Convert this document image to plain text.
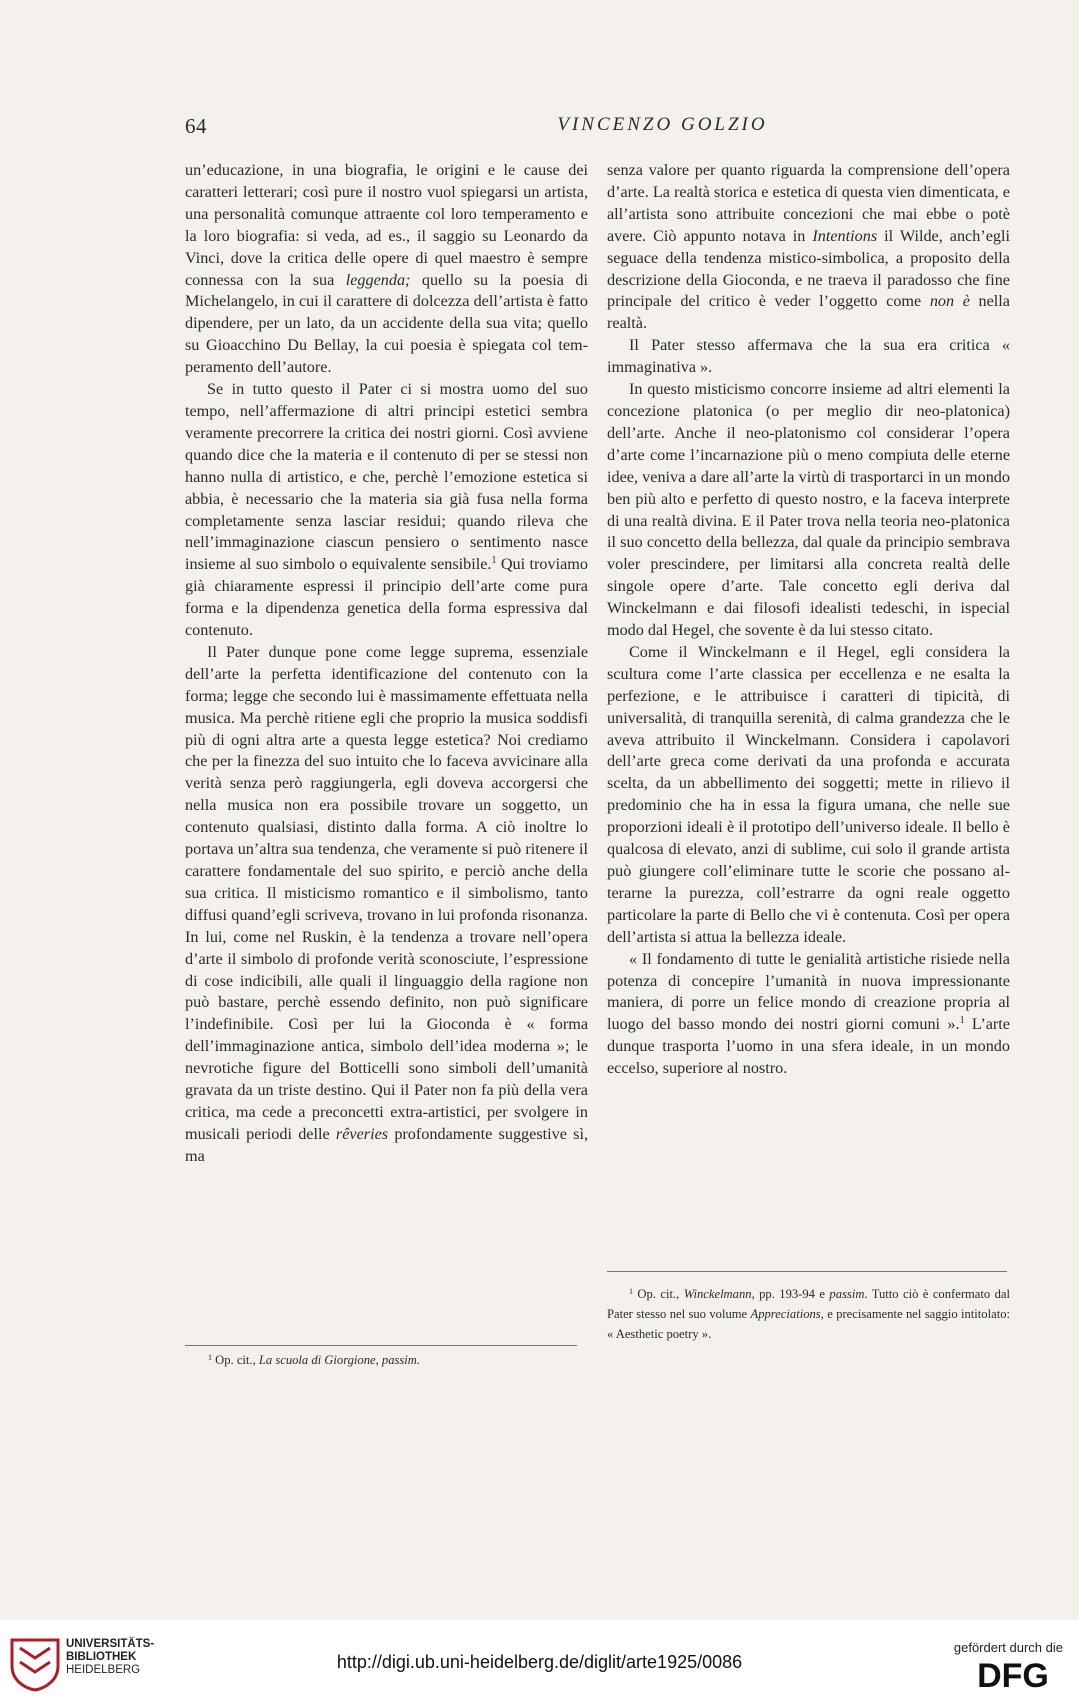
64	VINCENZO GOLZIO

un’educazione, in una biografia, le origini e le cause dei caratteri letterari; così pure il nostro vuol spiegarsi un artista, una personalità comunque attraente col loro temperamento e la loro biografia: si veda, ad es., il saggio su Leonardo da Vinci, dove la critica delle opere di quel maestro è sempre connessa con la sua leggenda; quello su la poesia di Michelangelo, in cui il carattere di dolcezza dell’artista è fatto dipendere, per un lato, da un accidente della sua vita; quello su Gioacchino Du Bellay, la cui poesia è spiegata col temperamento dell’autore.

Se in tutto questo il Pater ci si mostra uomo del suo tempo, nell’affermazione di altri principi estetici sembra veramente precorrere la critica dei nostri giorni. Così avviene quando dice che la materia e il contenuto di per se stessi non hanno nulla di artistico, e che, perchè l’emozione estetica si abbia, è necessario che la materia sia già fusa nella forma completamente senza lasciar residui; quando rileva che nell’immaginazione ciascun pensiero o sentimento nasce insieme al suo simbolo o equivalente sensibile.$^1$ Qui troviamo già chiaramente espressi il principio dell’arte come pura forma e la dipendenza genetica della forma espressiva dal contenuto.

Il Pater dunque pone come legge suprema, essenziale dell’arte la perfetta identificazione del contenuto con la forma; legge che secondo lui è massimamente effettuata nella musica. Ma perchè ritiene egli che proprio la musica soddisfi più di ogni altra arte a questa legge estetica? Noi crediamo che per la finezza del suo intuito che lo faceva avvicinare alla verità senza però raggiungerla, egli doveva accorgersi che nella musica non era possibile trovare un soggetto, un contenuto qualsiasi, distinto dalla forma. A ciò inoltre lo portava un’altra sua tendenza, che veramente si può ritenere il carattere fondamentale del suo spirito, e perciò anche della sua critica. Il misticismo romantico e il simbolismo, tanto diffusi quand’egli scriveva, trovano in lui profonda risonanza. In lui, come nel Ruskin, è la tendenza a trovare nell’opera d’arte il simbolo di profonde verità sconosciute, l’espressione di cose indicibili, alle quali il linguaggio della ragione non può bastare, perchè essendo definito, non può significare l’indefinibile. Così per lui la Gioconda è « forma dell’immaginazione antica, simbolo dell’idea moderna »; le nevrotiche figure del Botticelli sono simboli dell’umanità gravata da un triste destino. Qui il Pater non fa più della vera critica, ma cede a preconcetti extra-artistici, per svolgere in musicali periodi delle rêveries profondamente suggestive sì, ma

senza valore per quanto riguarda la comprensione dell’opera d’arte. La realtà storica e estetica di questa vien dimenticata, e all’artista sono attribuite concezioni che mai ebbe o potè avere. Ciò appunto notava in Intentions il Wilde, anch’egli seguace della tendenza mistico-simbolica, a proposito della descrizione della Gioconda, e ne traeva il paradosso che fine principale del critico è veder l’oggetto come non è nella realtà.

Il Pater stesso affermava che la sua era critica « immaginativa ».

In questo misticismo concorre insieme ad altri elementi la concezione platonica (o per meglio dir neo-platonica) dell’arte. Anche il neo-platonismo col considerar l’opera d’arte come l’incarnazione più o meno compiuta delle eterne idee, veniva a dare all’arte la virtù di trasportarci in un mondo ben più alto e perfetto di questo nostro, e la faceva interprete di una realtà divina. E il Pater trova nella teoria neo-platonica il suo concetto della bellezza, dal quale da principio sembrava voler prescindere, per limitarsi alla concreta realtà delle singole opere d’arte. Tale concetto egli deriva dal Winckelmann e dai filosofi idealisti tedeschi, in ispecial modo dal Hegel, che sovente è da lui stesso citato.

Come il Winckelmann e il Hegel, egli considera la scultura come l’arte classica per eccellenza e ne esalta la perfezione, e le attribuisce i caratteri di tipicità, di universalità, di tranquilla serenità, di calma grandezza che le aveva attribuito il Winckelmann. Considera i capolavori dell’arte greca come derivati da una profonda e accurata scelta, da un abbellimento dei soggetti; mette in rilievo il predominio che ha in essa la figura umana, che nelle sue proporzioni ideali è il prototipo dell’universo ideale. Il bello è qualcosa di elevato, anzi di sublime, cui solo il grande artista può giungere coll’eliminare tutte le scorie che possano alterarne la purezza, coll’estrarre da ogni reale oggetto particolare la parte di Bello che vi è contenuta. Così per opera dell’artista si attua la bellezza ideale.

« Il fondamento di tutte le genialità artistiche risiede nella potenza di concepire l’umanità in nuova impressionante maniera, di porre un felice mondo di creazione propria al luogo del basso mondo dei nostri giorni comuni ».$^1$ L’arte dunque trasporta l’uomo in una sfera ideale, in un mondo eccelso, superiore al nostro.

$^1$ Op. cit., La scuola di Giorgione, passim.
$^1$ Op. cit., Winckelmann, pp. 193-94 e passim. Tutto ciò è confermato dal Pater stesso nel suo volume Appreciations, e precisamente nel saggio intitolato: « Aesthetic poetry ».
UNIVERSITÄTS-
BIBLIOTHEK
HEIDELBERG	http://digi.ub.uni-heidelberg.de/diglit/arte1925/0086
gefördert durch die
DFG
